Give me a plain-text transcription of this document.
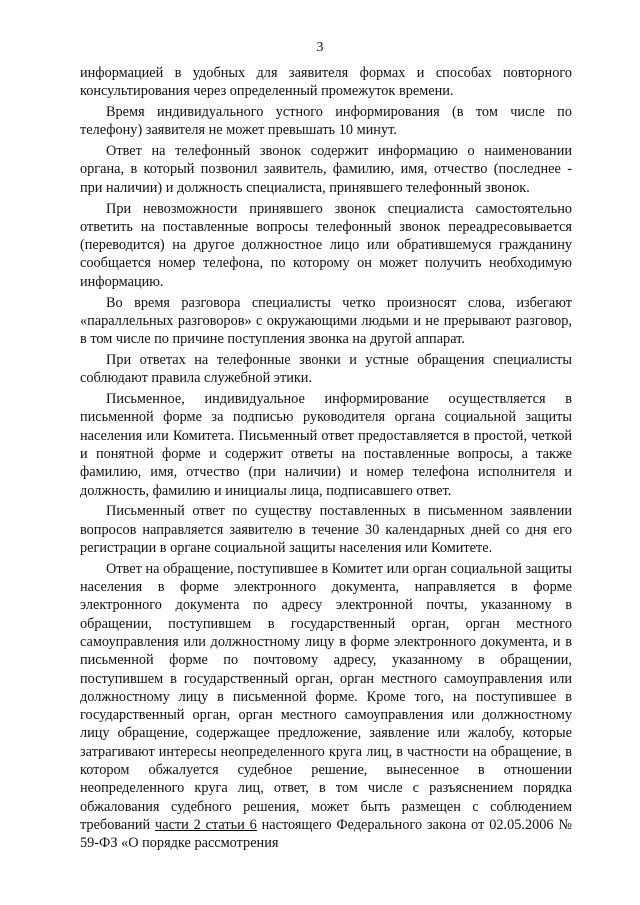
3

информацией в удобных для заявителя формах и способах повторного консультирования через определенный промежуток времени.

Время индивидуального устного информирования (в том числе по телефону) заявителя не может превышать 10 минут.

Ответ на телефонный звонок содержит информацию о наименовании органа, в который позвонил заявитель, фамилию, имя, отчество (последнее - при наличии) и должность специалиста, принявшего телефонный звонок.

При невозможности принявшего звонок специалиста самостоятельно ответить на поставленные вопросы телефонный звонок переадресовывается (переводится) на другое должностное лицо или обратившемуся гражданину сообщается номер телефона, по которому он может получить необходимую информацию.

Во время разговора специалисты четко произносят слова, избегают «параллельных разговоров» с окружающими людьми и не прерывают разговор, в том числе по причине поступления звонка на другой аппарат.

При ответах на телефонные звонки и устные обращения специалисты соблюдают правила служебной этики.

Письменное, индивидуальное информирование осуществляется в письменной форме за подписью руководителя органа социальной защиты населения или Комитета. Письменный ответ предоставляется в простой, четкой и понятной форме и содержит ответы на поставленные вопросы, а также фамилию, имя, отчество (при наличии) и номер телефона исполнителя и должность, фамилию и инициалы лица, подписавшего ответ.

Письменный ответ по существу поставленных в письменном заявлении вопросов направляется заявителю в течение 30 календарных дней со дня его регистрации в органе социальной защиты населения или Комитете.

Ответ на обращение, поступившее в Комитет или орган социальной защиты населения в форме электронного документа, направляется в форме электронного документа по адресу электронной почты, указанному в обращении, поступившем в государственный орган, орган местного самоуправления или должностному лицу в форме электронного документа, и в письменной форме по почтовому адресу, указанному в обращении, поступившем в государственный орган, орган местного самоуправления или должностному лицу в письменной форме. Кроме того, на поступившее в государственный орган, орган местного самоуправления или должностному лицу обращение, содержащее предложение, заявление или жалобу, которые затрагивают интересы неопределенного круга лиц, в частности на обращение, в котором обжалуется судебное решение, вынесенное в отношении неопределенного круга лиц, ответ, в том числе с разъяснением порядка обжалования судебного решения, может быть размещен с соблюдением требований части 2 статьи 6 настоящего Федерального закона от 02.05.2006 № 59-ФЗ «О порядке рассмотрения
